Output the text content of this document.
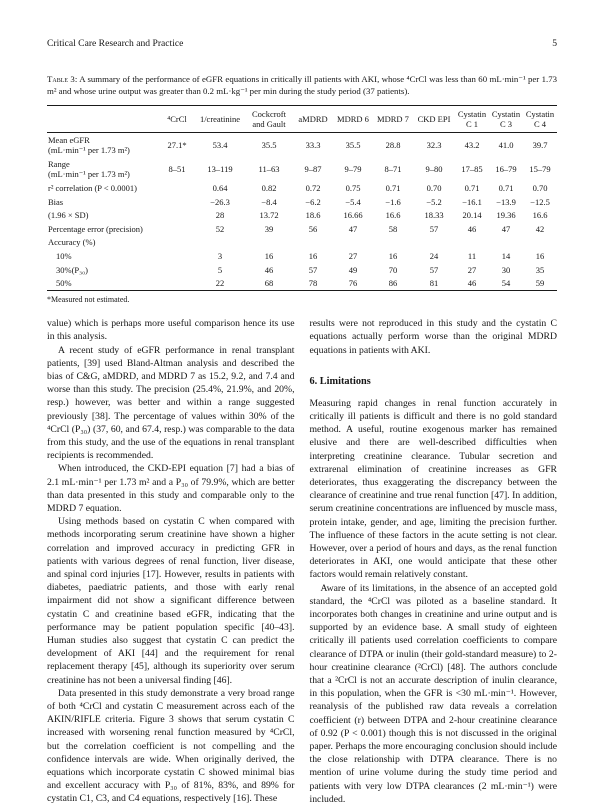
Critical Care Research and Practice	5
Table 3: A summary of the performance of eGFR equations in critically ill patients with AKI, whose ⁴CrCl was less than 60 mL·min⁻¹ per 1.73 m² and whose urine output was greater than 0.2 mL·kg⁻¹ per min during the study period (37 patients).
	⁴CrCl	1/creatinine	Cockcroft and Gault	aMDRD	MDRD 6	MDRD 7	CKD EPI	Cystatin C 1	Cystatin C 3	Cystatin C 4

Mean eGFR
(mL·min⁻¹ per 1.73 m²)	27.1*	53.4	35.5	33.3	35.5	28.8	32.3	43.2	41.0	39.7

Range
(mL·min⁻¹ per 1.73 m²)	8–51	13–119	11–63	9–87	9–79	8–71	9–80	17–85	16–79	15–79

r² correlation (P < 0.0001)		0.64	0.82	0.72	0.75	0.71	0.70	0.71	0.71	0.70

Bias		−26.3	−8.4	−6.2	−5.4	−1.6	−5.2	−16.1	−13.9	−12.5

(1.96 × SD)		28	13.72	18.6	16.66	16.6	18.33	20.14	19.36	16.6

Percentage error (precision)		52	39	56	47	58	57	46	47	42

Accuracy (%)										

10%		3	16	16	27	16	24	11	14	16

30%(P₃₀)		5	46	57	49	70	57	27	30	35

50%		22	68	78	76	86	81	46	54	59
*Measured not estimated.

value) which is perhaps more useful comparison hence its use in this analysis.

A recent study of eGFR performance in renal transplant patients, [39] used Bland-Altman analysis and described the bias of C&G, aMDRD, and MDRD 7 as 15.2, 9.2, and 7.4 and worse than this study. The precision (25.4%, 21.9%, and 20%, resp.) however, was better and within a range suggested previously [38]. The percentage of values within 30% of the ⁴CrCl (P₃₀) (37, 60, and 67.4, resp.) was comparable to the data from this study, and the use of the equations in renal transplant recipients is recommended.

When introduced, the CKD-EPI equation [7] had a bias of 2.1 mL·min⁻¹ per 1.73 m² and a P₃₀ of 79.9%, which are better than data presented in this study and comparable only to the MDRD 7 equation.

Using methods based on cystatin C when compared with methods incorporating serum creatinine have shown a higher correlation and improved accuracy in predicting GFR in patients with various degrees of renal function, liver disease, and spinal cord injuries [17]. However, results in patients with diabetes, paediatric patients, and those with early renal impairment did not show a significant difference between cystatin C and creatinine based eGFR, indicating that the performance may be patient population specific [40–43]. Human studies also suggest that cystatin C can predict the development of AKI [44] and the requirement for renal replacement therapy [45], although its superiority over serum creatinine has not been a universal finding [46].

Data presented in this study demonstrate a very broad range of both ⁴CrCl and cystatin C measurement across each of the AKIN/RIFLE criteria. Figure 3 shows that serum cystatin C increased with worsening renal function measured by ⁴CrCl, but the correlation coefficient is not compelling and the confidence intervals are wide. When originally derived, the equations which incorporate cystatin C showed minimal bias and excellent accuracy with P₃₀ of 81%, 83%, and 89% for cystatin C1, C3, and C4 equations, respectively [16]. These

results were not reproduced in this study and the cystatin C equations actually perform worse than the original MDRD equations in patients with AKI.

6. Limitations

Measuring rapid changes in renal function accurately in critically ill patients is difficult and there is no gold standard method. A useful, routine exogenous marker has remained elusive and there are well-described difficulties when interpreting creatinine clearance. Tubular secretion and extrarenal elimination of creatinine increases as GFR deteriorates, thus exaggerating the discrepancy between the clearance of creatinine and true renal function [47]. In addition, serum creatinine concentrations are influenced by muscle mass, protein intake, gender, and age, limiting the precision further. The influence of these factors in the acute setting is not clear. However, over a period of hours and days, as the renal function deteriorates in AKI, one would anticipate that these other factors would remain relatively constant.

Aware of its limitations, in the absence of an accepted gold standard, the ⁴CrCl was piloted as a baseline standard. It incorporates both changes in creatinine and urine output and is supported by an evidence base. A small study of eighteen critically ill patients used correlation coefficients to compare clearance of DTPA or inulin (their gold-standard measure) to 2-hour creatinine clearance (²CrCl) [48]. The authors conclude that a ²CrCl is not an accurate description of inulin clearance, in this population, when the GFR is <30 mL·min⁻¹. However, reanalysis of the published raw data reveals a correlation coefficient (r) between DTPA and 2-hour creatinine clearance of 0.92 (P < 0.001) though this is not discussed in the original paper. Perhaps the more encouraging conclusion should include the close relationship with DTPA clearance. There is no mention of urine volume during the study time period and patients with very low DTPA clearances (2 mL·min⁻¹) were included.
